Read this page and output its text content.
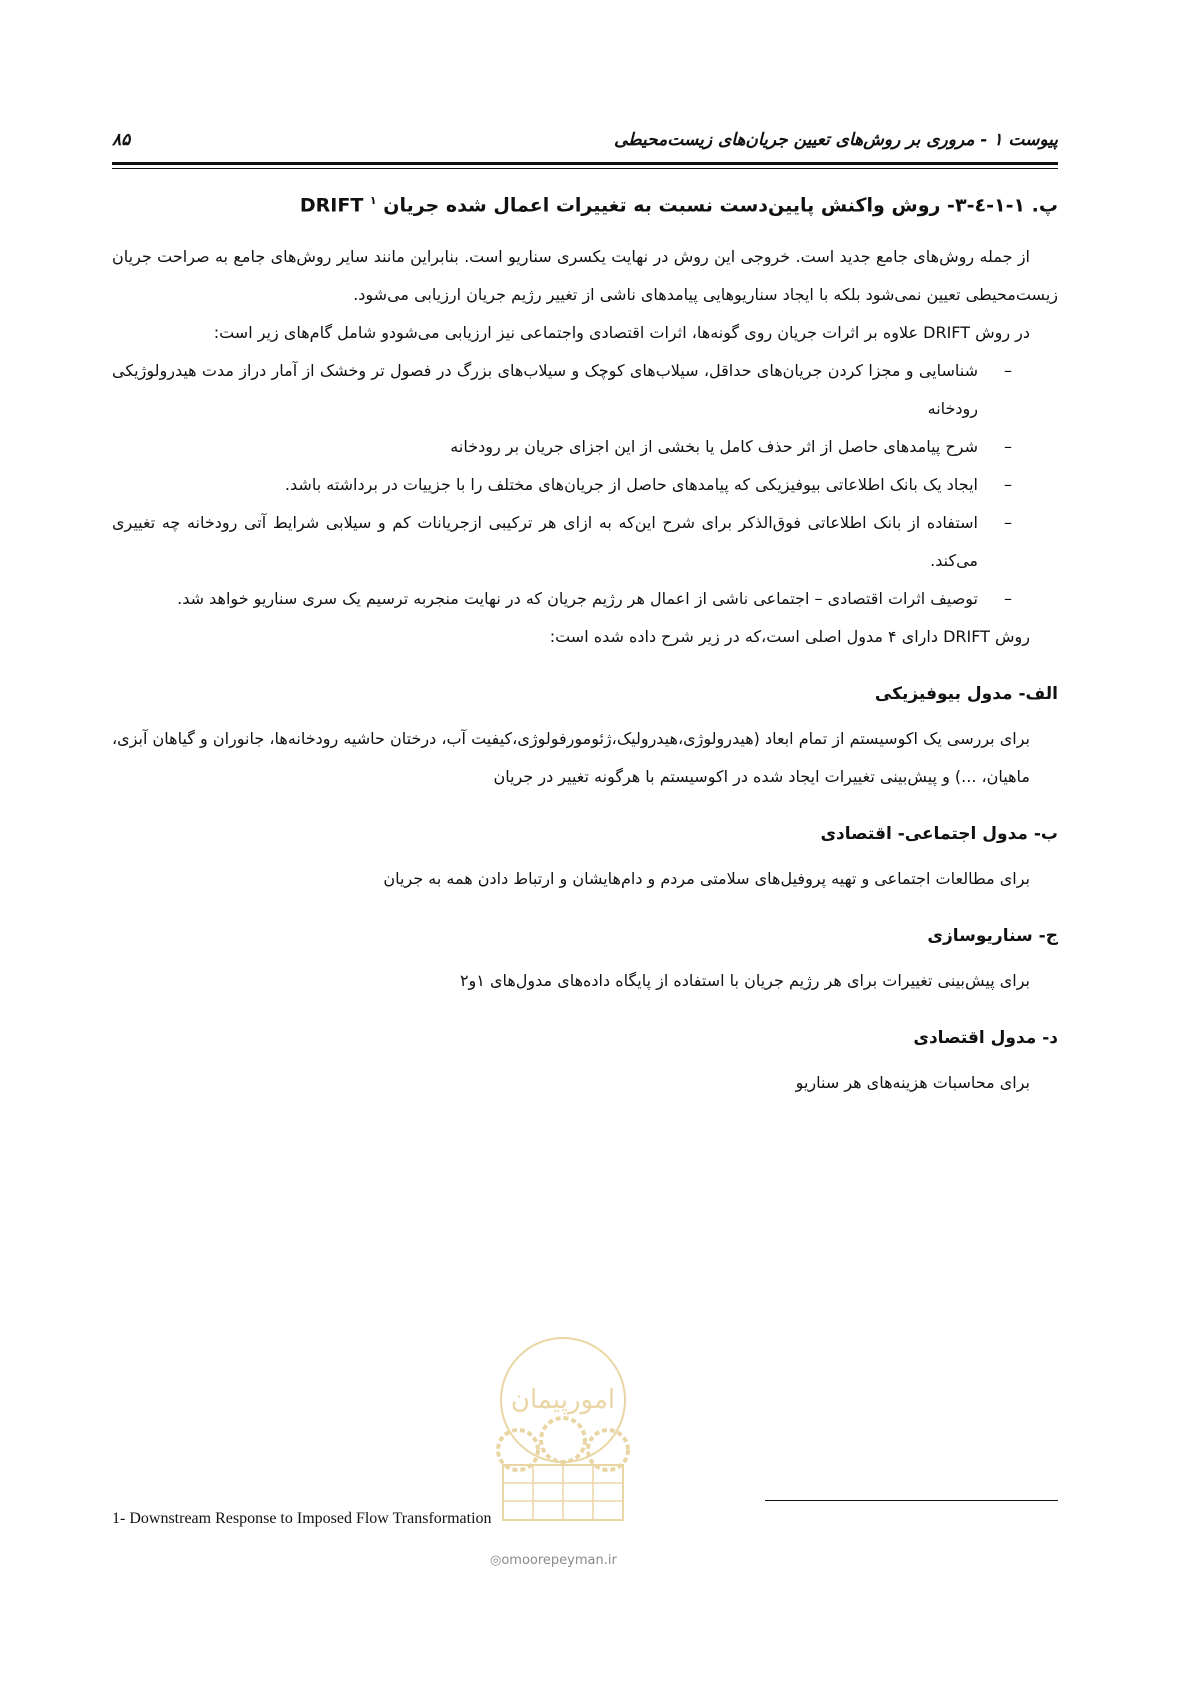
پیوست ۱ - مروری بر روش‌های تعیین جریان‌های زیست‌محیطی
۸۵
پ. ۱-۱-٤-۳- روش واکنش پایین‌دست نسبت به تغییرات اعمال شده جریان DRIFT $^۱$

از جمله روش‌های جامع جدید است. خروجی این روش در نهایت یکسری سناریو است. بنابراین مانند سایر روش‌های جامع به صراحت جریان زیست‌محیطی تعیین نمی‌شود بلکه با ایجاد سناریوهایی پیامدهای ناشی از تغییر رژیم جریان ارزیابی می‌شود.

در روش DRIFT علاوه بر اثرات جریان روی گونه‌ها، اثرات اقتصادی واجتماعی نیز ارزیابی می‌شودو شامل گام‌های زیر است:

–
شناسایی و مجزا کردن جریان‌های حداقل، سیلاب‌های کوچک و سیلاب‌های بزرگ در فصول تر وخشک از آمار دراز مدت هیدرولوژیکی رودخانه
–
شرح پیامدهای حاصل از اثر حذف کامل یا بخشی از این اجزای جریان بر رودخانه
–
ایجاد یک بانک اطلاعاتی بیوفیزیکی که پیامدهای حاصل از جریان‌های مختلف را با جزییات در برداشته باشد.
–
استفاده از بانک اطلاعاتی فوق‌الذکر برای شرح این‌که به ازای هر ترکیبی ازجریانات کم و سیلابی شرایط آتی رودخانه چه تغییری می‌کند.
–
توصیف اثرات اقتصادی – اجتماعی ناشی از اعمال هر رژیم جریان که در نهایت منجربه ترسیم یک سری سناریو خواهد شد.

روش DRIFT دارای ۴ مدول اصلی است،که در زیر شرح داده شده است:

الف- مدول بیوفیزیکی

برای بررسی یک اکوسیستم از تمام ابعاد (هیدرولوژی،هیدرولیک،ژئومورفولوژی،کیفیت آب، درختان حاشیه رودخانه‌ها، جانوران و گیاهان آبزی، ماهیان، ...) و پیش‌بینی تغییرات ایجاد شده در اکوسیستم با هرگونه تغییر در جریان

ب- مدول اجتماعی- اقتصادی

برای مطالعات اجتماعی و تهیه پروفیل‌های سلامتی مردم و دام‌هایشان و ارتباط دادن همه به جریان

ج- سناریوسازی

برای پیش‌بینی تغییرات برای هر رژیم جریان با استفاده از پایگاه داده‌های مدول‌های ۱و۲

د- مدول اقتصادی

برای محاسبات هزینه‌های هر سناریو

امورپیمان
1- Downstream Response to Imposed Flow Transformation
◎omoorepeyman.ir
